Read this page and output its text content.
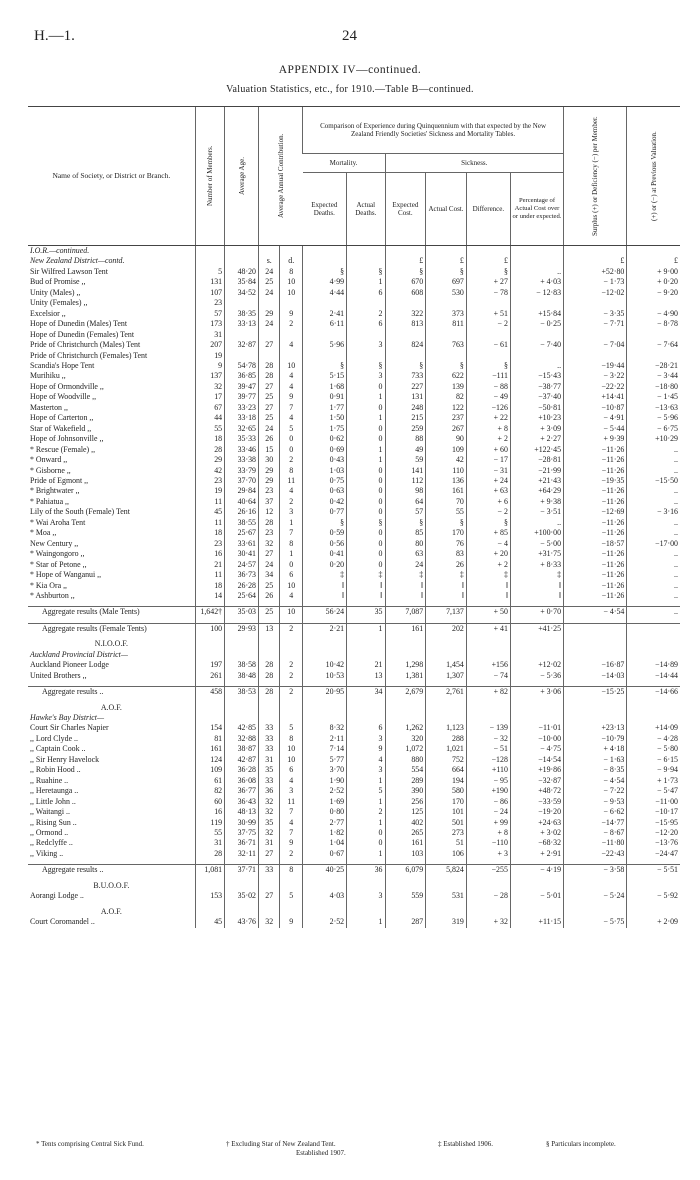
H.—1.	24
APPENDIX IV—continued.
Valuation Statistics, etc., for 1910.—Table B—continued.
Name of Society, or District or Branch.	Number of Members.	Average Age.	Average Annual Contribution.		Comparison of Experience during Quinquennium with that expected by the New Zealand Friendly Societies' Sickness and Mortality Tables.						Surplus (+) or Deficiency (−) per Member.	(+) or (−) at Previous Valuation.

					Mortality.		Sickness.					
					Expected Deaths.	Actual Deaths.	Expected Cost.	Actual Cost.	Difference.	Percentage of Actual Cost over or under expected.		
I.O.R.—continued.												
New Zealand District—contd.			s.	d.			£	£	£		£	£
Sir Wilfred Lawson Tent	5	48·20	24	8	§	§	§	§	§	..	+52·80	+ 9·00
Bud of Promise ,,	131	35·84	25	10	4·99	1	670	697	+ 27	+ 4·03	− 1·73	+ 0·20
Unity (Males) ,,	107	34·52	24	10	4·44	6	608	530	− 78	− 12·83	−12·02	− 9·20
Unity (Females) ,,	23											
Excelsior ,,	57	38·35	29	9	2·41	2	322	373	+ 51	+15·84	− 3·35	− 4·90
Hope of Dunedin (Males) Tent	173	33·13	24	2	6·11	6	813	811	− 2	− 0·25	− 7·71	− 8·78
Hope of Dunedin (Females) Tent	31											
Pride of Christchurch (Males) Tent	207	32·87	27	4	5·96	3	824	763	− 61	− 7·40	− 7·04	− 7·64
Pride of Christchurch (Females) Tent	19											
Scandia's Hope Tent	9	54·78	28	10	§	§	§	§	§	..	−19·44	−28·21
Murihiku ,,	137	36·85	28	4	5·15	3	733	622	−111	−15·43	− 3·22	− 3·44
Hope of Ormondville ,,	32	39·47	27	4	1·68	0	227	139	− 88	−38·77	−22·22	−18·80
Hope of Woodville ,,	17	39·77	25	9	0·91	1	131	82	− 49	−37·40	+14·41	− 1·45
Masterton ,,	67	33·23	27	7	1·77	0	248	122	−126	−50·81	−10·87	−13·63
Hope of Carterton ,,	44	33·18	25	4	1·50	1	215	237	+ 22	+10·23	− 4·91	− 5·96
Star of Wakefield ,,	55	32·65	24	5	1·75	0	259	267	+ 8	+ 3·09	− 5·44	− 6·75
Hope of Johnsonville ,,	18	35·33	26	0	0·62	0	88	90	+ 2	+ 2·27	+ 9·39	+10·29
* Rescue (Female) ,,	28	33·46	15	0	0·69	1	49	109	+ 60	+122·45	−11·26	..
* Onward ,,	29	33·38	30	2	0·43	1	59	42	− 17	−28·81	−11·26	..
* Gisborne ,,	42	33·79	29	8	1·03	0	141	110	− 31	−21·99	−11·26	..
Pride of Egmont ,,	23	37·70	29	11	0·75	0	112	136	+ 24	+21·43	−19·35	−15·50
* Brightwater ,,	19	29·84	23	4	0·63	0	98	161	+ 63	+64·29	−11·26	..
* Pahiatua ,,	11	40·64	37	2	0·42	0	64	70	+ 6	+ 9·38	−11·26	..
Lily of the South (Female) Tent	45	26·16	12	3	0·77	0	57	55	− 2	− 3·51	−12·69	− 3·16
* Wai Aroha Tent	11	38·55	28	1	§	§	§	§	§	..	−11·26	..
* Moa ,,	18	25·67	23	7	0·59	0	85	170	+ 85	+100·00	−11·26	..
New Century ,,	23	33·61	32	8	0·56	0	80	76	− 4	− 5·00	−18·57	−17·00
* Waingongoro ,,	16	30·41	27	1	0·41	0	63	83	+ 20	+31·75	−11·26	..
* Star of Petone ,,	21	24·57	24	0	0·20	0	24	26	+ 2	+ 8·33	−11·26	..
* Hope of Wanganui ,,	11	36·73	34	6	‡	‡	‡	‡	‡	‡	−11·26	..
* Kia Ora ,,	18	26·28	25	10	‖	‖	‖	‖	‖	‖	−11·26	..
* Ashburton ,,	14	25·64	26	4	‖	‖	‖	‖	‖	‖	−11·26	..

Aggregate results (Male Tents)	1,642†	35·03	25	10	56·24	35	7,087	7,137	+ 50	+ 0·70	− 4·54	..

Aggregate results (Female Tents)	100	29·93	13	2	2·21	1	161	202	+ 41	+41·25		

N.I.O.O.F.												
Auckland Provincial District—												
Auckland Pioneer Lodge	197	38·58	28	2	10·42	21	1,298	1,454	+156	+12·02	−16·87	−14·89
United Brothers ,,	261	38·48	28	2	10·53	13	1,381	1,307	− 74	− 5·36	−14·03	−14·44

Aggregate results ..	458	38·53	28	2	20·95	34	2,679	2,761	+ 82	+ 3·06	−15·25	−14·66

A.O.F.												
Hawke's Bay District—												
Court Sir Charles Napier	154	42·85	33	5	8·32	6	1,262	1,123	− 139	−11·01	+23·13	+14·09
,, Lord Clyde ..	81	32·88	33	8	2·11	3	320	288	− 32	−10·00	−10·79	− 4·28
,, Captain Cook ..	161	38·87	33	10	7·14	9	1,072	1,021	− 51	− 4·75	+ 4·18	− 5·80
,, Sir Henry Havelock	124	42·87	31	10	5·77	4	880	752	−128	−14·54	− 1·63	− 6·15
,, Robin Hood ..	109	36·28	35	6	3·70	3	554	664	+110	+19·86	− 8·35	− 9·94
,, Ruahine ..	61	36·08	33	4	1·90	1	289	194	− 95	−32·87	− 4·54	+ 1·73
,, Heretaunga ..	82	36·77	36	3	2·52	5	390	580	+190	+48·72	− 7·22	− 5·47
,, Little John ..	60	36·43	32	11	1·69	1	256	170	− 86	−33·59	− 9·53	−11·00
,, Waitangi ..	16	48·13	32	7	0·80	2	125	101	− 24	−19·20	− 6·62	−10·17
,, Rising Sun ..	119	30·99	35	4	2·77	1	402	501	+ 99	+24·63	−14·77	−15·95
,, Ormond ..	55	37·75	32	7	1·82	0	265	273	+ 8	+ 3·02	− 8·67	−12·20
,, Redclyffe ..	31	36·71	31	9	1·04	0	161	51	−110	−68·32	−11·80	−13·76
,, Viking ..	28	32·11	27	2	0·67	1	103	106	+ 3	+ 2·91	−22·43	−24·47

Aggregate results ..	1,081	37·71	33	8	40·25	36	6,079	5,824	−255	− 4·19	− 3·58	− 5·51

B.U.O.O.F.												
Aorangi Lodge ..	153	35·02	27	5	4·03	3	559	531	− 28	− 5·01	− 5·24	− 5·92

A.O.F.												
Court Coromandel ..	45	43·76	32	9	2·52	1	287	319	+ 32	+11·15	− 5·75	+ 2·09
* Tents comprising Central Sick Fund.	† Excluding Star of New Zealand Tent.
Established 1907.
‡ Established 1906.	§ Particulars incomplete.
